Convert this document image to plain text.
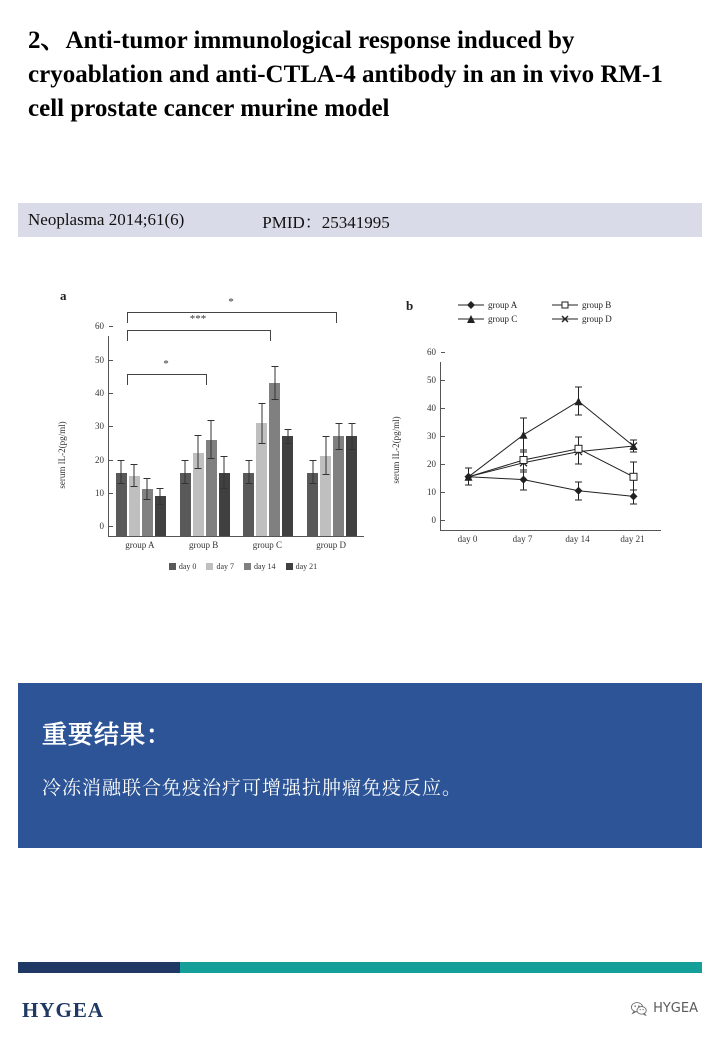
2、Anti-tumor immunological response induced by cryoablation and anti-CTLA-4 antibody in an in vivo RM-1 cell prostate cancer murine model
Neoplasma 2014;61(6)	PMID：25341995
a
serum IL-2(pg/ml)
0
10
20
30
40
50
60
*
***
*
group A	group B	group C	group D
day 0	day 7	day 14	day 21
b	group A	group B
group C	group D
serum IL-2(pg/ml)
0
10
20
30
40
50
60
day 0	day 7	day 14	day 21
重要结果：
冷冻消融联合免疫治疗可增强抗肿瘤免疫反应。
HYGEA	HYGEA
